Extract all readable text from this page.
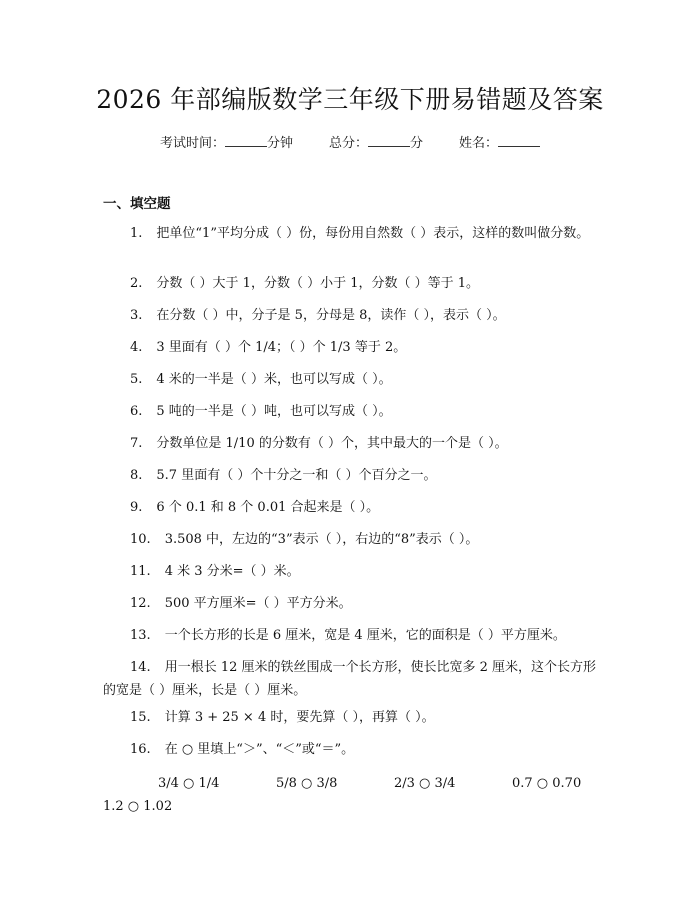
2026 年部编版数学三年级下册易错题及答案
考试时间：	分钟	总分：	分	姓名：
一、填空题
1. 把单位“1”平均分成（ ）份，每份用自然数（ ）表示，这样的数叫做分数。
2. 分数（ ）大于 1，分数（ ）小于 1，分数（ ）等于 1。
3. 在分数（ ）中，分子是 5，分母是 8，读作（ ），表示（ ）。
4. 3 里面有（ ）个 1/4；（ ）个 1/3 等于 2。
5. 4 米的一半是（ ）米，也可以写成（ ）。
6. 5 吨的一半是（ ）吨，也可以写成（ ）。
7. 分数单位是 1/10 的分数有（ ）个，其中最大的一个是（ ）。
8. 5.7 里面有（ ）个十分之一和（ ）个百分之一。
9. 6 个 0.1 和 8 个 0.01 合起来是（ ）。
10. 3.508 中，左边的“3”表示（ ），右边的“8”表示（ ）。
11. 4 米 3 分米=（ ）米。
12. 500 平方厘米=（ ）平方分米。
13. 一个长方形的长是 6 厘米，宽是 4 厘米，它的面积是（ ）平方厘米。
14. 用一根长 12 厘米的铁丝围成一个长方形，使长比宽多 2 厘米，这个长方形的宽是（ ）厘米，长是（ ）厘米。
15. 计算 3 + 25 × 4 时，要先算（ ），再算（ ）。
16. 在 ○ 里填上“＞”、“＜”或“＝”。
3/4 ○ 1/4	5/8 ○ 3/8	2/3 ○ 3/4	0.7 ○ 0.70
1.2 ○ 1.02
